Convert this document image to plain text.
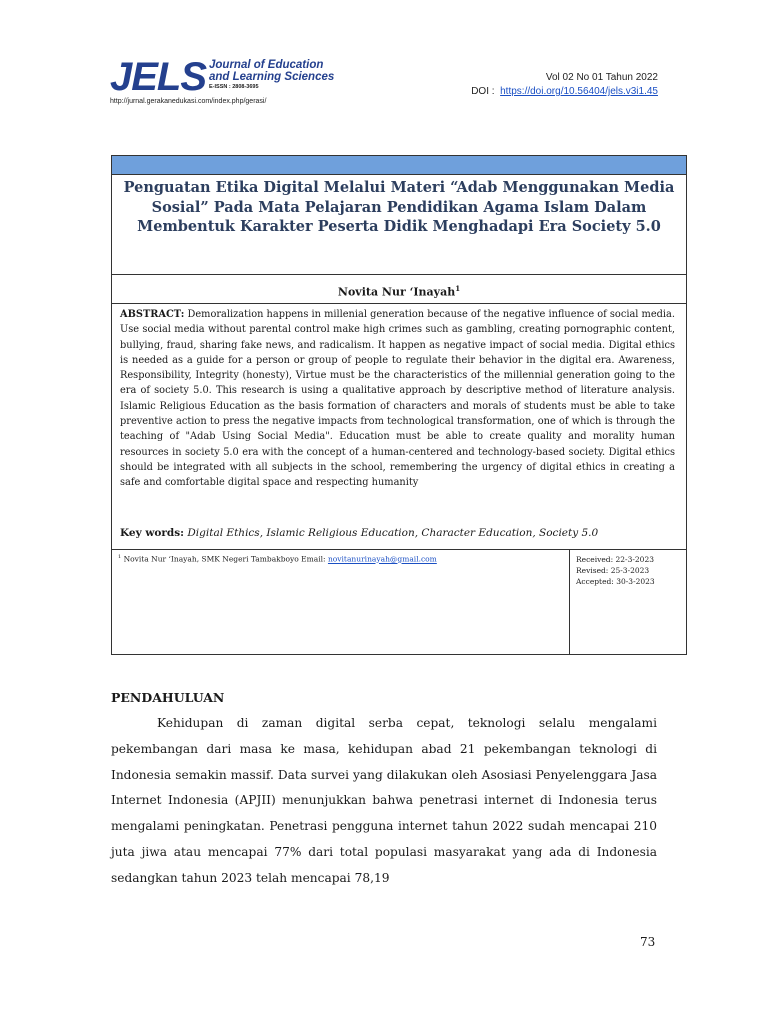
JELS Journal of Education
and Learning Sciences
E-ISSN : 2808-3695
http://jurnal.gerakanedukasi.com/index.php/gerasi/
Vol 02 No 01 Tahun 2022
DOI : https://doi.org/10.56404/jels.v3i1.45
Penguatan Etika Digital Melalui Materi “Adab Menggunakan Media
Sosial” Pada Mata Pelajaran Pendidikan Agama Islam Dalam
Membentuk Karakter Peserta Didik Menghadapi Era Society 5.0
Novita Nur ‘Inayah$^1$
ABSTRACT: Demoralization happens in millenial generation because of the negative influence of social media. Use social media without parental control make high crimes such as gambling, creating pornographic content, bullying, fraud, sharing fake news, and radicalism. It happen as negative impact of social media. Digital ethics is needed as a guide for a person or group of people to regulate their behavior in the digital era. Awareness, Responsibility, Integrity (honesty), Virtue must be the characteristics of the millennial generation going to the era of society 5.0. This research is using a qualitative approach by descriptive method of literature analysis. Islamic Religious Education as the basis formation of characters and morals of students must be able to take preventive action to press the negative impacts from technological transformation, one of which is through the teaching of "Adab Using Social Media". Education must be able to create quality and morality human resources in society 5.0 era with the concept of a human-centered and technology-based society. Digital ethics should be integrated with all subjects in the school, remembering the urgency of digital ethics in creating a safe and comfortable digital space and respecting humanity
Key words: Digital Ethics, Islamic Religious Education, Character Education, Society 5.0
$^1$ Novita Nur ‘Inayah, SMK Negeri Tambakboyo Email: novitanurinayah@gmail.com	Received: 22-3-2023
Revised: 25-3-2023
Accepted: 30-3-2023
PENDAHULUAN
Kehidupan di zaman digital serba cepat, teknologi selalu mengalami pekembangan dari masa ke masa, kehidupan abad 21 pekembangan teknologi di Indonesia semakin massif. Data survei yang dilakukan oleh Asosiasi Penyelenggara Jasa Internet Indonesia (APJII) menunjukkan bahwa penetrasi internet di Indonesia terus mengalami peningkatan. Penetrasi pengguna internet tahun 2022 sudah mencapai 210 juta jiwa atau mencapai 77% dari total populasi masyarakat yang ada di Indonesia sedangkan tahun 2023 telah mencapai 78,19
73
